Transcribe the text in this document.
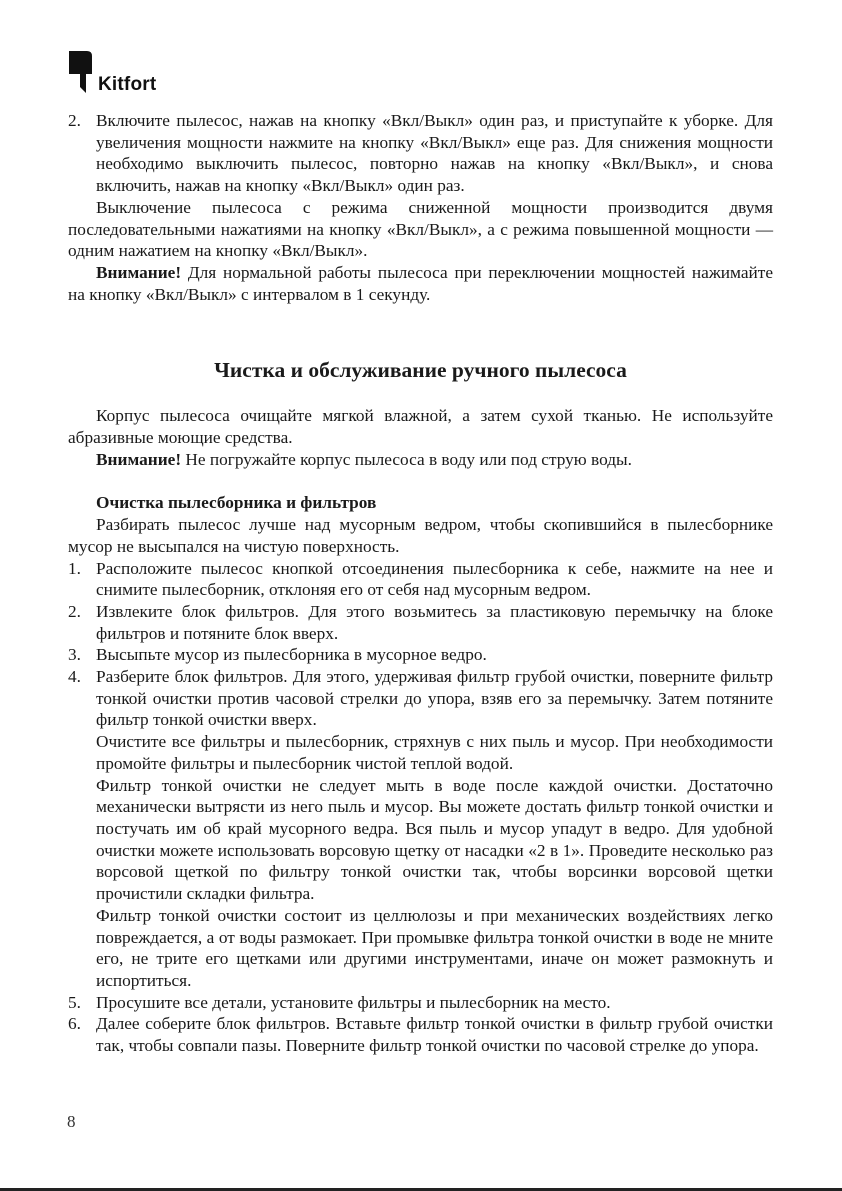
Kitfort

2. Включите пылесос, нажав на кнопку «Вкл/Выкл» один раз, и приступайте к уборке. Для увеличения мощности нажмите на кнопку «Вкл/Выкл» еще раз. Для снижения мощности необходимо выключить пылесос, повторно нажав на кнопку «Вкл/Выкл», и снова включить, нажав на кнопку «Вкл/Выкл» один раз.

Выключение пылесоса с режима сниженной мощности производится двумя последовательными нажатиями на кнопку «Вкл/Выкл», а с режима повышенной мощности — одним нажатием на кнопку «Вкл/Выкл».

Внимание! Для нормальной работы пылесоса при переключении мощностей нажимайте на кнопку «Вкл/Выкл» с интервалом в 1 секунду.

Чистка и обслуживание ручного пылесоса

Корпус пылесоса очищайте мягкой влажной, а затем сухой тканью. Не используйте абразивные моющие средства.

Внимание! Не погружайте корпус пылесоса в воду или под струю воды.

Очистка пылесборника и фильтров

Разбирать пылесос лучше над мусорным ведром, чтобы скопившийся в пылесборнике мусор не высыпался на чистую поверхность.

1. Расположите пылесос кнопкой отсоединения пылесборника к себе, нажмите на нее и снимите пылесборник, отклоняя его от себя над мусорным ведром.

2. Извлеките блок фильтров. Для этого возьмитесь за пластиковую перемычку на блоке фильтров и потяните блок вверх.

3. Высыпьте мусор из пылесборника в мусорное ведро.

4. Разберите блок фильтров. Для этого, удерживая фильтр грубой очистки, поверните фильтр тонкой очистки против часовой стрелки до упора, взяв его за перемычку. Затем потяните фильтр тонкой очистки вверх.

Очистите все фильтры и пылесборник, стряхнув с них пыль и мусор. При необходимости промойте фильтры и пылесборник чистой теплой водой.

Фильтр тонкой очистки не следует мыть в воде после каждой очистки. Достаточно механически вытрясти из него пыль и мусор. Вы можете достать фильтр тонкой очистки и постучать им об край мусорного ведра. Вся пыль и мусор упадут в ведро. Для удобной очистки можете использовать ворсовую щетку от насадки «2 в 1». Проведите несколько раз ворсовой щеткой по фильтру тонкой очистки так, чтобы ворсинки ворсовой щетки прочистили складки фильтра.

Фильтр тонкой очистки состоит из целлюлозы и при механических воздействиях легко повреждается, а от воды размокает. При промывке фильтра тонкой очистки в воде не мните его, не трите его щетками или другими инструментами, иначе он может размокнуть и испортиться.

5. Просушите все детали, установите фильтры и пылесборник на место.

6. Далее соберите блок фильтров. Вставьте фильтр тонкой очистки в фильтр грубой очистки так, чтобы совпали пазы. Поверните фильтр тонкой очистки по часовой стрелке до упора.

8
